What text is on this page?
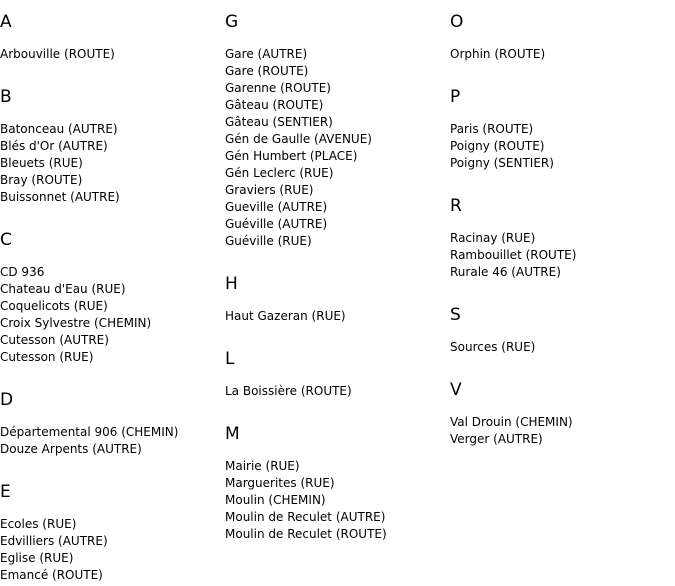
A
Arbouville (ROUTE)
B
Batonceau (AUTRE)
Blés d'Or (AUTRE)
Bleuets (RUE)
Bray (ROUTE)
Buissonnet (AUTRE)
C
CD 936
Chateau d'Eau (RUE)
Coquelicots (RUE)
Croix Sylvestre (CHEMIN)
Cutesson (AUTRE)
Cutesson (RUE)
D
Départemental 906 (CHEMIN)
Douze Arpents (AUTRE)
E
Ecoles (RUE)
Edvilliers (AUTRE)
Eglise (RUE)
Emancé (ROUTE)
G
Gare (AUTRE)
Gare (ROUTE)
Garenne (ROUTE)
Gâteau (ROUTE)
Gâteau (SENTIER)
Gén de Gaulle (AVENUE)
Gén Humbert (PLACE)
Gén Leclerc (RUE)
Graviers (RUE)
Gueville (AUTRE)
Guéville (AUTRE)
Guéville (RUE)
H
Haut Gazeran (RUE)
L
La Boissière (ROUTE)
M
Mairie (RUE)
Marguerites (RUE)
Moulin (CHEMIN)
Moulin de Reculet (AUTRE)
Moulin de Reculet (ROUTE)
O
Orphin (ROUTE)
P
Paris (ROUTE)
Poigny (ROUTE)
Poigny (SENTIER)
R
Racinay (RUE)
Rambouillet (ROUTE)
Rurale 46 (AUTRE)
S
Sources (RUE)
V
Val Drouin (CHEMIN)
Verger (AUTRE)
